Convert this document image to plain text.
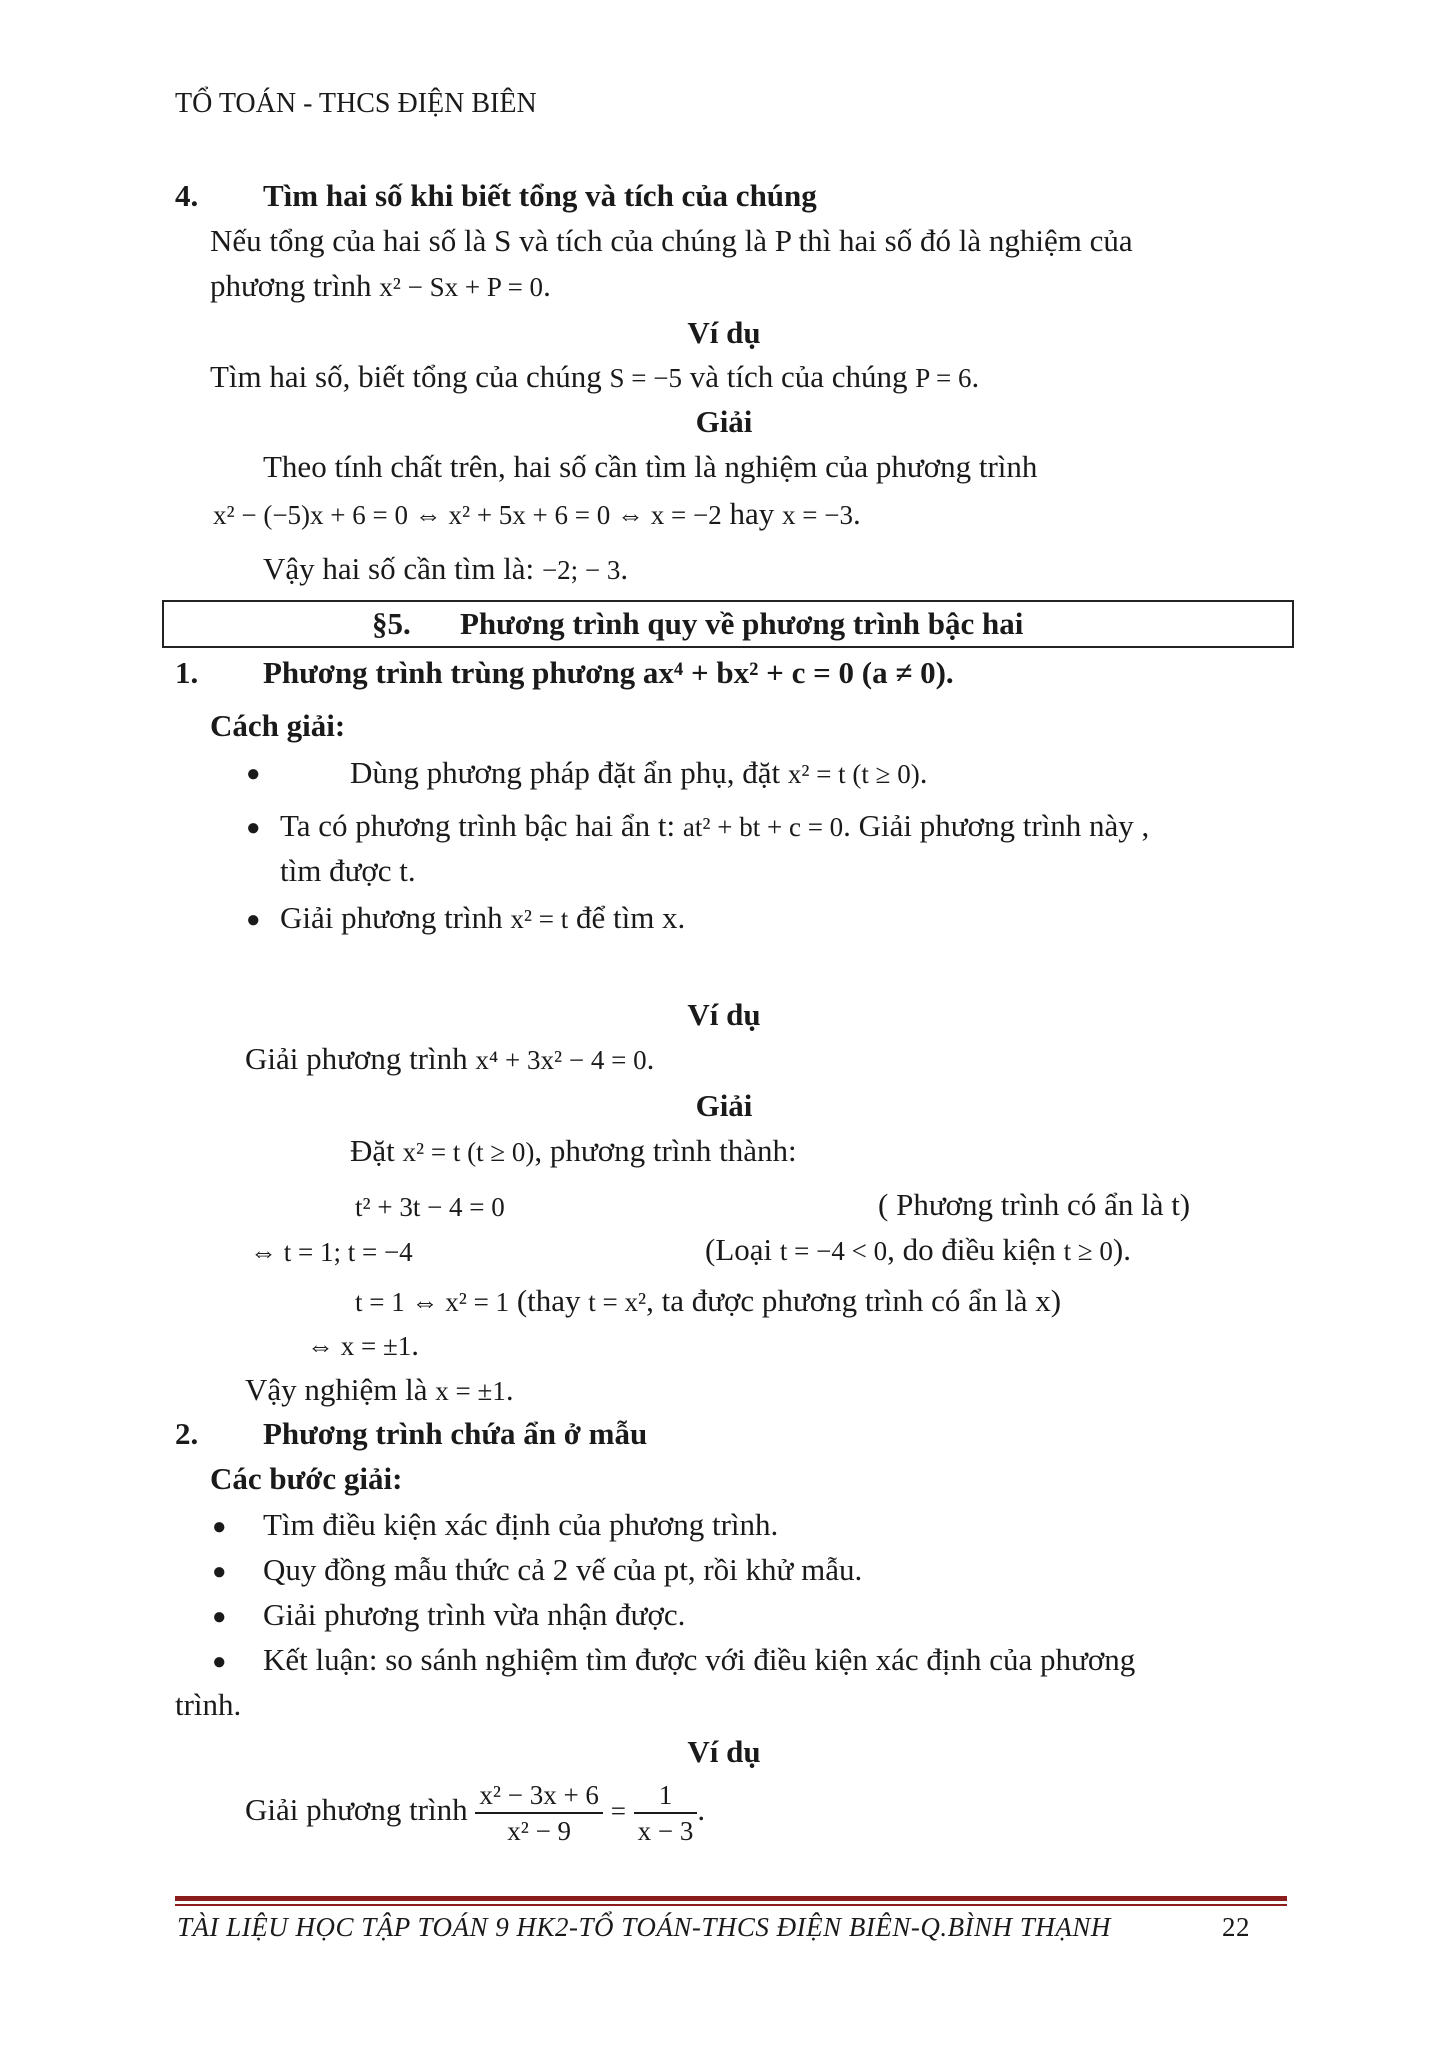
TỔ TOÁN - THCS ĐIỆN BIÊN
4. Tìm hai số khi biết tổng và tích của chúng
Nếu tổng của hai số là S và tích của chúng là P thì hai số đó là nghiệm của
phương trình x² − Sx + P = 0.
Ví dụ
Tìm hai số, biết tổng của chúng S = −5 và tích của chúng P = 6.
Giải
Theo tính chất trên, hai số cần tìm là nghiệm của phương trình
x² − (−5)x + 6 = 0 ⇔ x² + 5x + 6 = 0 ⇔ x = −2 hay x = −3.
Vậy hai số cần tìm là: −2; − 3.
§5. Phương trình quy về phương trình bậc hai
1. Phương trình trùng phương ax⁴ + bx² + c = 0 (a ≠ 0).
Cách giải:
●	Dùng phương pháp đặt ẩn phụ, đặt x² = t (t ≥ 0).
● Ta có phương trình bậc hai ẩn t: at² + bt + c = 0. Giải phương trình này ,
tìm được t.
● Giải phương trình x² = t để tìm x.
Ví dụ
Giải phương trình x⁴ + 3x² − 4 = 0.
Giải
Đặt x² = t (t ≥ 0), phương trình thành:
t² + 3t − 4 = 0	( Phương trình có ẩn là t)
⇔ t = 1; t = −4	(Loại t = −4 < 0, do điều kiện t ≥ 0).
t = 1 ⇔ x² = 1 (thay t = x², ta được phương trình có ẩn là x)
⇔ x = ±1.
Vậy nghiệm là x = ±1.
2. Phương trình chứa ẩn ở mẫu
Các bước giải:
● Tìm điều kiện xác định của phương trình.
● Quy đồng mẫu thức cả 2 vế của pt, rồi khử mẫu.
● Giải phương trình vừa nhận được.
● Kết luận: so sánh nghiệm tìm được với điều kiện xác định của phương
trình.
Ví dụ
Giải phương trình $\frac{\text{x² − 3x + 6}}{\text{x² − 9}} = \frac{1}{x - 3}$ .
TÀI LIỆU HỌC TẬP TOÁN 9 HK2-TỔ TOÁN-THCS ĐIỆN BIÊN-Q.BÌNH THẠNH	22
